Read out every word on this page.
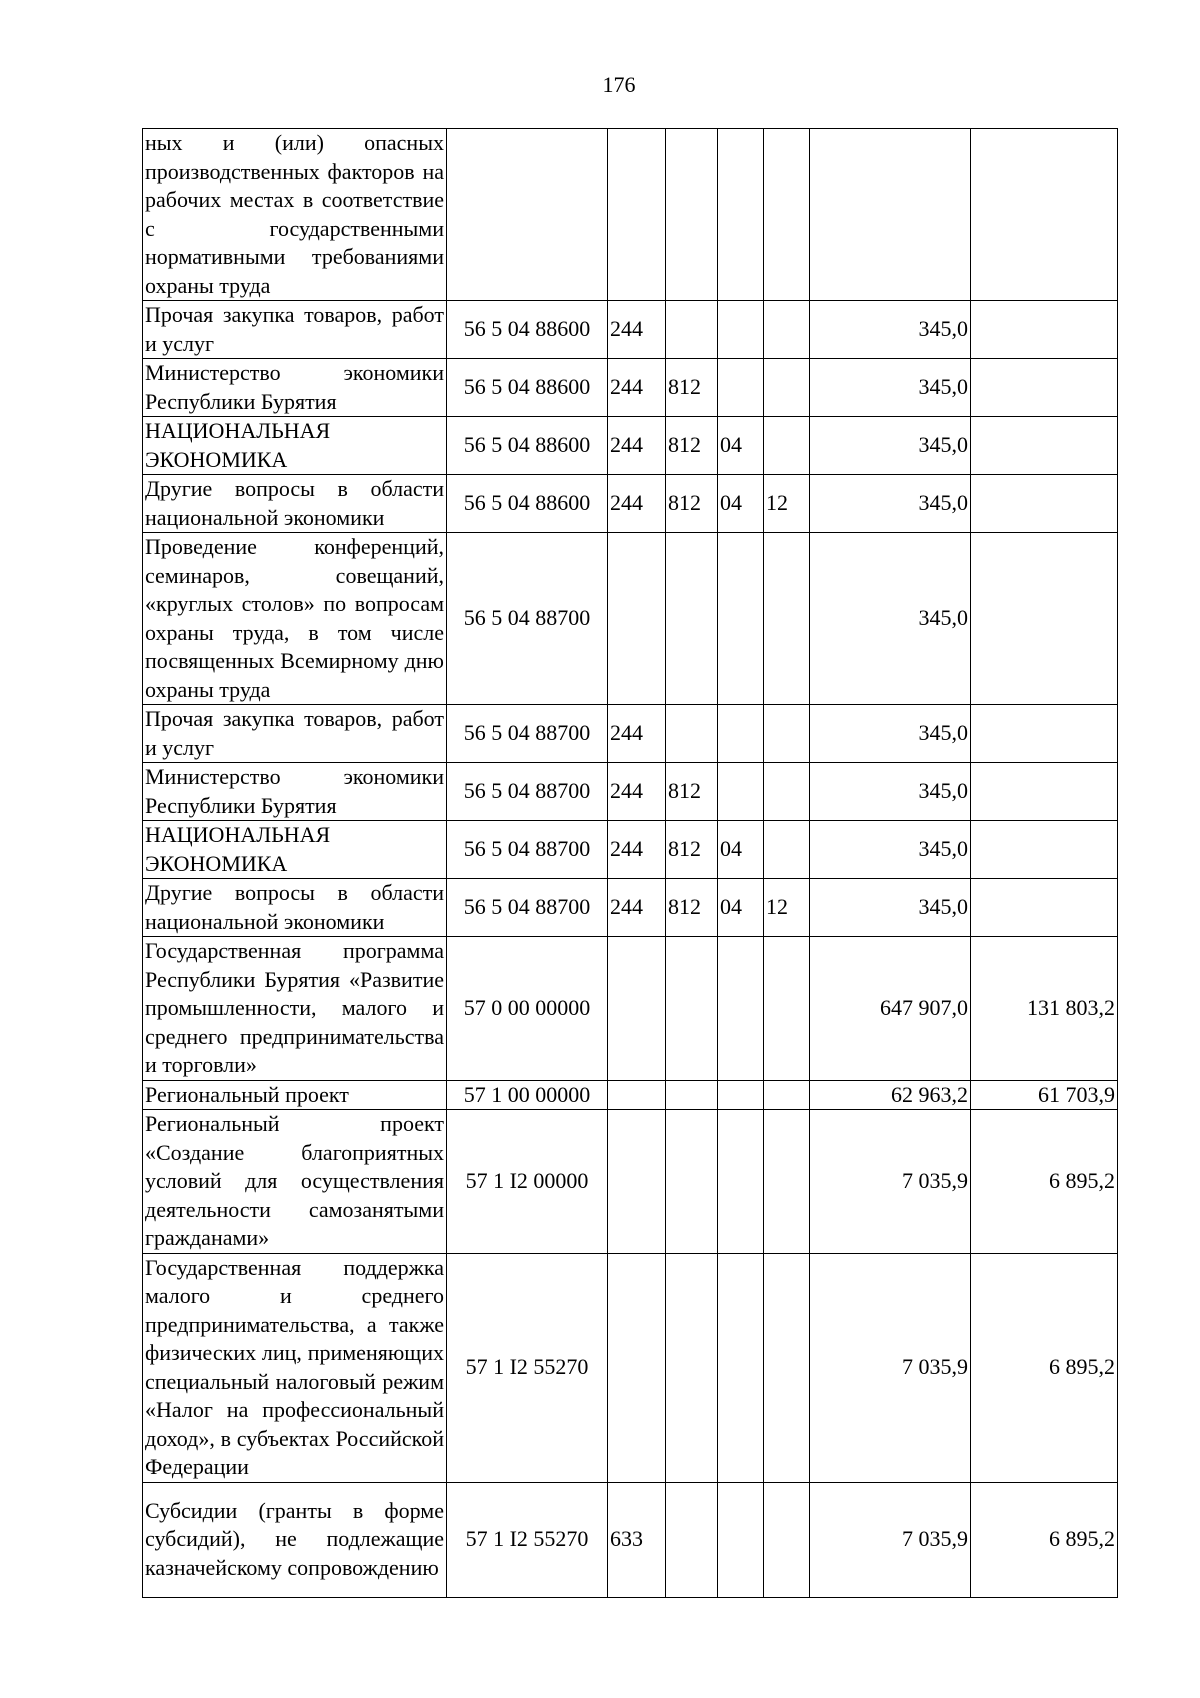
176
ных и (или) опасных производственных факторов на рабочих местах в соответствие с государственными нормативными требованиями охраны труда							
Прочая закупка товаров, работ и услуг	56 5 04 88600	244				345,0	
Министерство экономики Республики Бурятия	56 5 04 88600	244	812			345,0	
НАЦИОНАЛЬНАЯ ЭКОНОМИКА	56 5 04 88600	244	812	04		345,0	
Другие вопросы в области национальной экономики	56 5 04 88600	244	812	04	12	345,0	
Проведение конференций, семинаров, совещаний, «круглых столов» по вопросам охраны труда, в том числе посвященных Всемирному дню охраны труда	56 5 04 88700					345,0	
Прочая закупка товаров, работ и услуг	56 5 04 88700	244				345,0	
Министерство экономики Республики Бурятия	56 5 04 88700	244	812			345,0	
НАЦИОНАЛЬНАЯ ЭКОНОМИКА	56 5 04 88700	244	812	04		345,0	
Другие вопросы в области национальной экономики	56 5 04 88700	244	812	04	12	345,0	
Государственная программа Республики Бурятия «Развитие промышленности, малого и среднего предпринимательства и торговли»	57 0 00 00000					647 907,0	131 803,2
Региональный проект	57 1 00 00000					62 963,2	61 703,9
Региональный проект «Создание благоприятных условий для осуществления деятельности самозанятыми гражданами»	57 1 I2 00000					7 035,9	6 895,2
Государственная поддержка малого и среднего предпринимательства, а также физических лиц, применяющих специальный налоговый режим «Налог на профессиональный доход», в субъектах Российской Федерации	57 1 I2 55270					7 035,9	6 895,2
Субсидии (гранты в форме субсидий), не подлежащие казначейскому сопровождению	57 1 I2 55270	633				7 035,9	6 895,2
